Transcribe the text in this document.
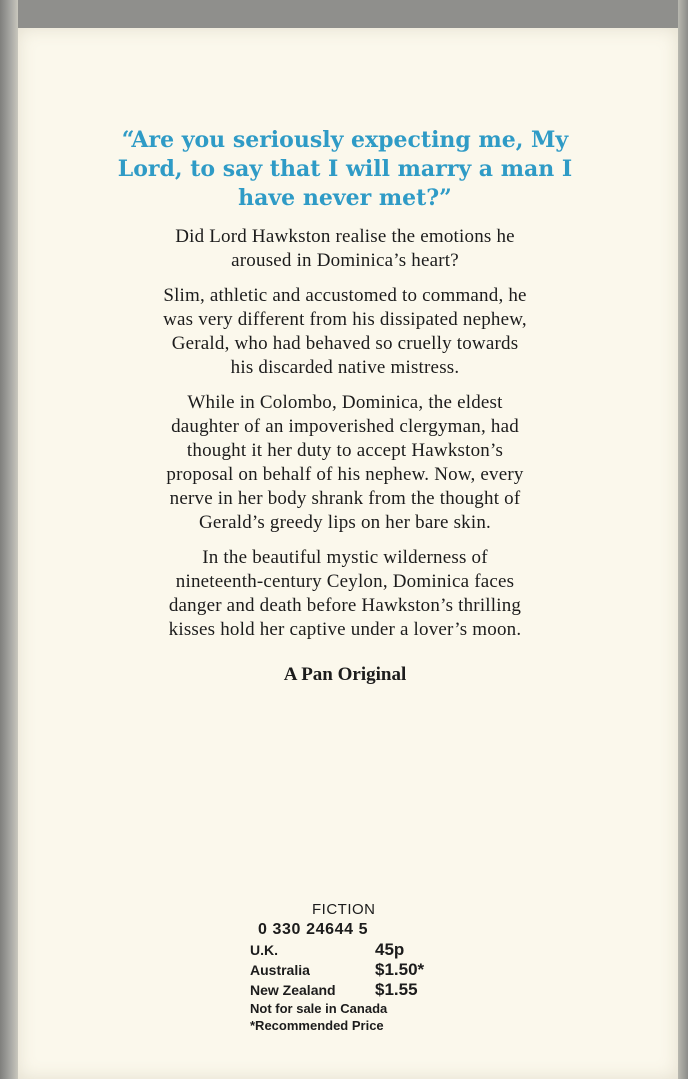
“Are you seriously expecting me, My
Lord, to say that I will marry a man I
have never met?”

Did Lord Hawkston realise the emotions he

aroused in Dominica’s heart?

Slim, athletic and accustomed to command, he

was very different from his dissipated nephew,

Gerald, who had behaved so cruelly towards

his discarded native mistress.

While in Colombo, Dominica, the eldest

daughter of an impoverished clergyman, had

thought it her duty to accept Hawkston’s

proposal on behalf of his nephew. Now, every

nerve in her body shrank from the thought of

Gerald’s greedy lips on her bare skin.

In the beautiful mystic wilderness of

nineteenth-century Ceylon, Dominica faces

danger and death before Hawkston’s thrilling

kisses hold her captive under a lover’s moon.

A Pan Original
FICTION
0 330 24644 5
U.K.	45p
Australia	$1.50*
New Zealand	$1.55
Not for sale in Canada
*Recommended Price
